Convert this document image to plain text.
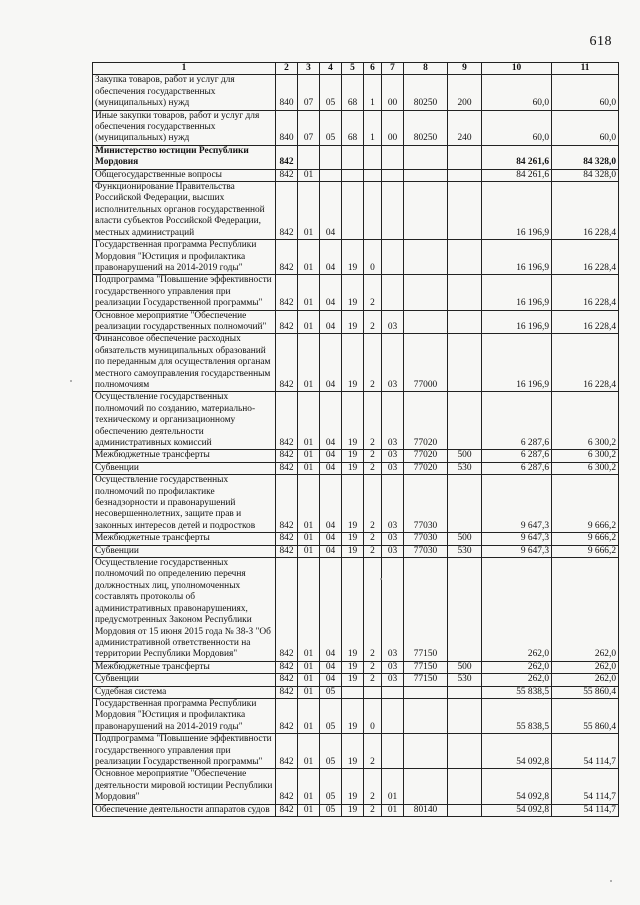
618
1	2	3	4	5	6	7	8	9	10	11
Закупка товаров, работ и услуг для обеспечения государственных (муниципальных) нужд	840	07	05	68	1	00	80250	200	60,0	60,0
Иные закупки товаров, работ и услуг для обеспечения государственных (муниципальных) нужд	840	07	05	68	1	00	80250	240	60,0	60,0
Министерство юстиции Республики Мордовия	842								84 261,6	84 328,0
Общегосударственные вопросы	842	01							84 261,6	84 328,0
Функционирование Правительства Российской Федерации, высших исполнительных органов государственной власти субъектов Российской Федерации, местных администраций	842	01	04						16 196,9	16 228,4
Государственная программа Республики Мордовия "Юстиция и профилактика правонарушений на 2014-2019 годы"	842	01	04	19	0				16 196,9	16 228,4
Подпрограмма "Повышение эффективности государственного управления при реализации Государственной программы"	842	01	04	19	2				16 196,9	16 228,4
Основное мероприятие "Обеспечение реализации государственных полномочий"	842	01	04	19	2	03			16 196,9	16 228,4
Финансовое обеспечение расходных обязательств муниципальных образований по переданным для осуществления органам местного самоуправления государственным полномочиям	842	01	04	19	2	03	77000		16 196,9	16 228,4
Осуществление государственных полномочий по созданию, материально-техническому и организационному обеспечению деятельности административных комиссий	842	01	04	19	2	03	77020		6 287,6	6 300,2
Межбюджетные трансферты	842	01	04	19	2	03	77020	500	6 287,6	6 300,2
Субвенции	842	01	04	19	2	03	77020	530	6 287,6	6 300,2
Осуществление государственных полномочий по профилактике безнадзорности и правонарушений несовершеннолетних, защите прав и законных интересов детей и подростков	842	01	04	19	2	03	77030		9 647,3	9 666,2
Межбюджетные трансферты	842	01	04	19	2	03	77030	500	9 647,3	9 666,2
Субвенции	842	01	04	19	2	03	77030	530	9 647,3	9 666,2
Осуществление государственных полномочий по определению перечня должностных лиц, уполномоченных составлять протоколы об административных правонарушениях, предусмотренных Законом Республики Мордовия от 15 июня 2015 года № 38-З "Об административной ответственности на территории Республики Мордовия"	842	01	04	19	2	03	77150		262,0	262,0
Межбюджетные трансферты	842	01	04	19	2	03	77150	500	262,0	262,0
Субвенции	842	01	04	19	2	03	77150	530	262,0	262,0
Судебная система	842	01	05						55 838,5	55 860,4
Государственная программа Республики Мордовия "Юстиция и профилактика правонарушений на 2014-2019 годы"	842	01	05	19	0				55 838,5	55 860,4
Подпрограмма "Повышение эффективности государственного управления при реализации Государственной программы"	842	01	05	19	2				54 092,8	54 114,7
Основное мероприятие "Обеспечение деятельности мировой юстиции Республики Мордовия"	842	01	05	19	2	01			54 092,8	54 114,7
Обеспечение деятельности аппаратов судов	842	01	05	19	2	01	80140		54 092,8	54 114,7
